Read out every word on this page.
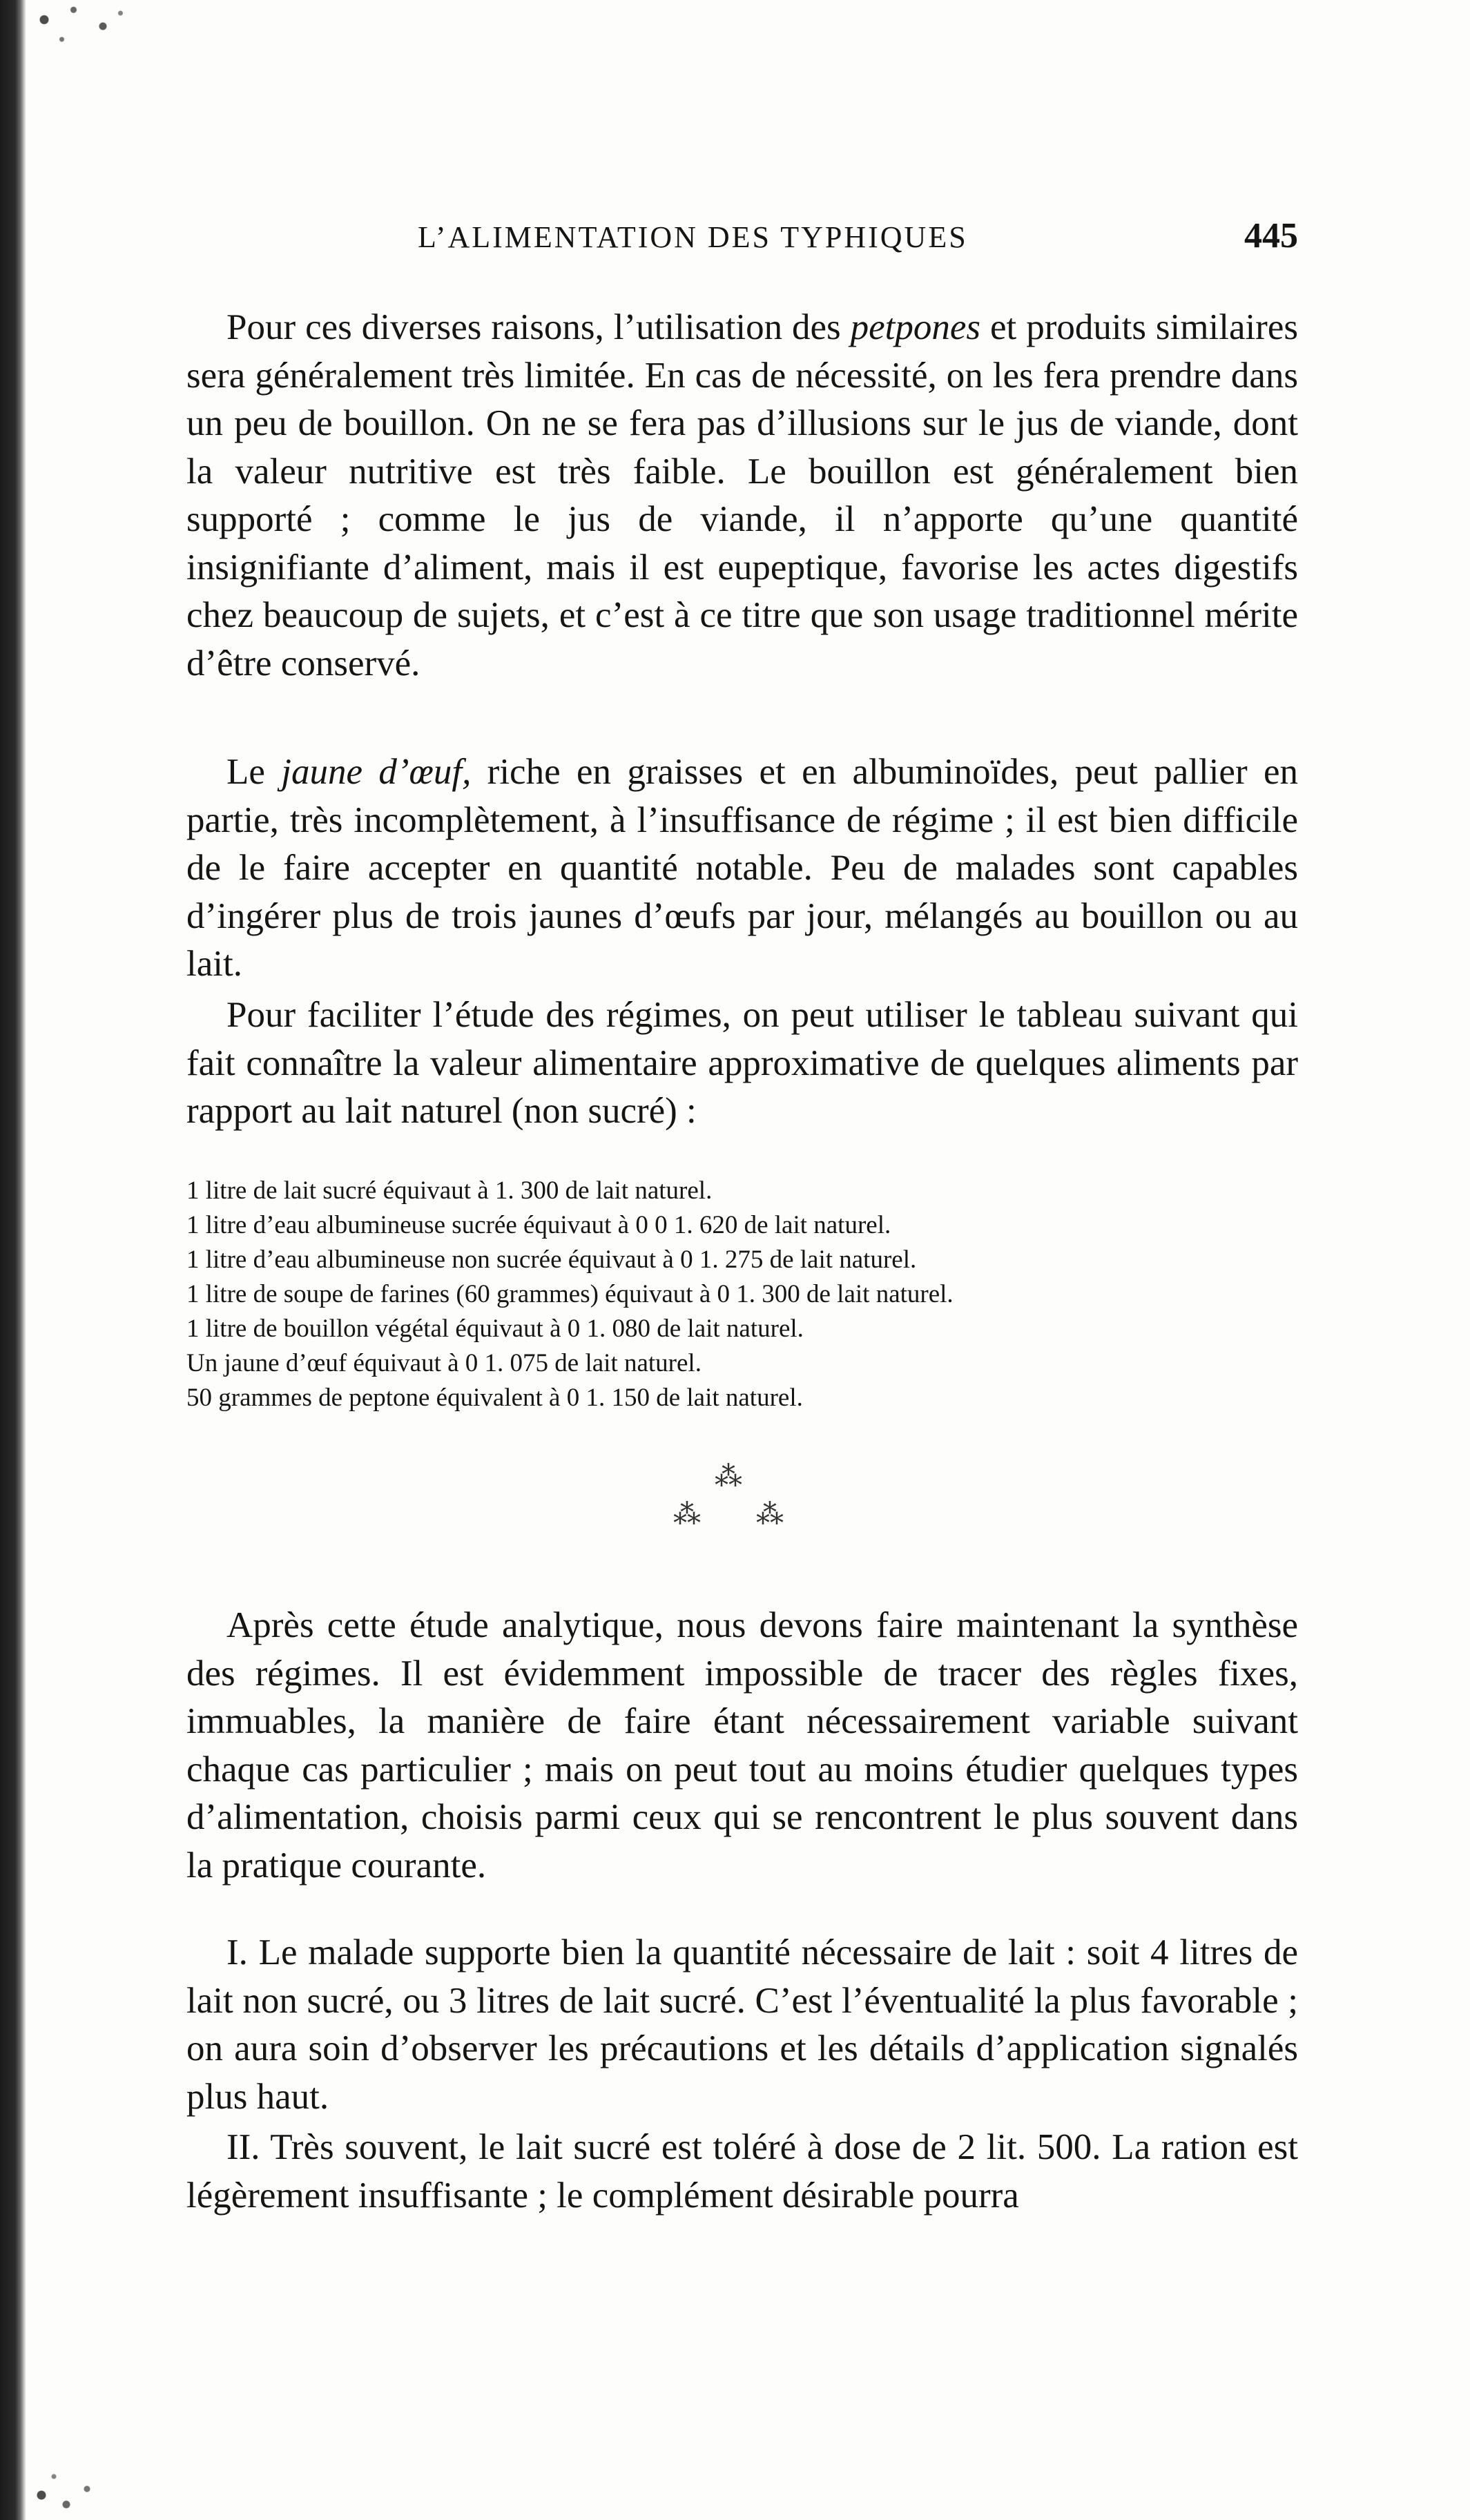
L’ALIMENTATION DES TYPHIQUES	445

Pour ces diverses raisons, l’utilisation des petpones et produits similaires sera généralement très limitée. En cas de nécessité, on les fera prendre dans un peu de bouillon. On ne se fera pas d’illusions sur le jus de viande, dont la valeur nutritive est très faible. Le bouillon est généralement bien supporté ; comme le jus de viande, il n’apporte qu’une quantité insignifiante d’aliment, mais il est eupeptique, favorise les actes digestifs chez beaucoup de sujets, et c’est à ce titre que son usage traditionnel mérite d’être conservé.

Le jaune d’œuf, riche en graisses et en albuminoïdes, peut pallier en partie, très incomplètement, à l’insuffisance de régime ; il est bien difficile de le faire accepter en quantité notable. Peu de malades sont capables d’ingérer plus de trois jaunes d’œufs par jour, mélangés au bouillon ou au lait.

Pour faciliter l’étude des régimes, on peut utiliser le tableau suivant qui fait connaître la valeur alimentaire approximative de quelques aliments par rapport au lait naturel (non sucré) :

1 litre de lait sucré équivaut à 1. 300 de lait naturel.
1 litre d’eau albumineuse sucrée équivaut à 0 0 1. 620 de lait naturel.
1 litre d’eau albumineuse non sucrée équivaut à 0 1. 275 de lait naturel.
1 litre de soupe de farines (60 grammes) équivaut à 0 1. 300 de lait naturel.
1 litre de bouillon végétal équivaut à 0 1. 080 de lait naturel.
Un jaune d’œuf équivaut à 0 1. 075 de lait naturel.
50 grammes de peptone équivalent à 0 1. 150 de lait naturel.
⁂
⁂ ⁂

Après cette étude analytique, nous devons faire maintenant la synthèse des régimes. Il est évidemment impossible de tracer des règles fixes, immuables, la manière de faire étant nécessairement variable suivant chaque cas particulier ; mais on peut tout au moins étudier quelques types d’alimentation, choisis parmi ceux qui se rencontrent le plus souvent dans la pratique courante.

I. Le malade supporte bien la quantité nécessaire de lait : soit 4 litres de lait non sucré, ou 3 litres de lait sucré. C’est l’éventualité la plus favorable ; on aura soin d’observer les précautions et les détails d’application signalés plus haut.

II. Très souvent, le lait sucré est toléré à dose de 2 lit. 500. La ration est légèrement insuffisante ; le complément désirable pourra
